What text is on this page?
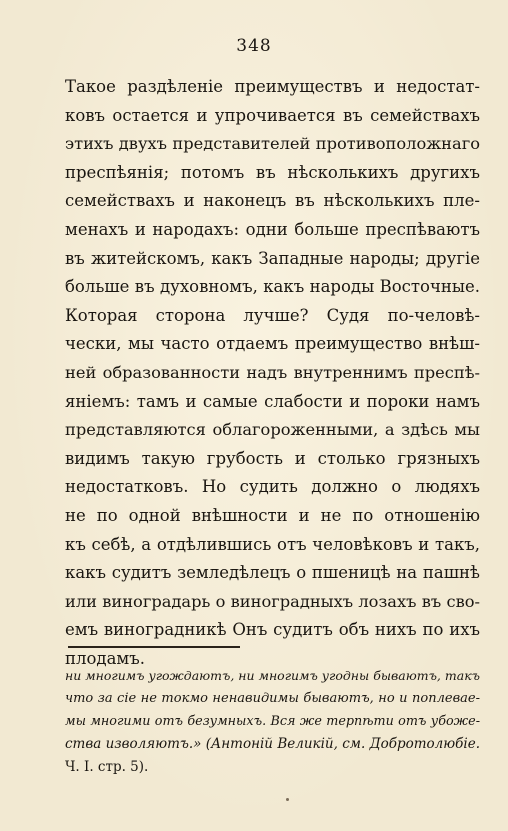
348
Такое раздѣленіе преимуществъ и недостат-
ковъ остается и упрочивается въ семействахъ
этихъ двухъ представителей противоположнаго
преспѣянія; потомъ въ нѣсколькихъ другихъ
семействахъ и наконецъ въ нѣсколькихъ пле-
менахъ и народахъ: одни больше преспѣваютъ
въ житейскомъ, какъ Западные народы; другіе
больше въ духовномъ, какъ народы Восточные.
Которая сторона лучше? Судя по-человѣ-
чески, мы часто отдаемъ преимущество внѣш-
ней образованности надъ внутреннимъ преспѣ-
яніемъ: тамъ и самые слабости и пороки намъ
представляются облагороженными, а здѣсь мы
видимъ такую грубость и столько грязныхъ
недостатковъ. Но судить должно о людяхъ
не по одной внѣшности и не по отношенію
къ себѣ, а отдѣлившись отъ человѣковъ и такъ,
какъ судитъ земледѣлецъ о пшеницѣ на пашнѣ
или виноградарь о виноградныхъ лозахъ въ сво-
емъ виноградникѣ Онъ судитъ объ нихъ по ихъ
плодамъ.
ни многимъ угождаютъ, ни многимъ угодны бываютъ, такъ
что за сіе не токмо ненавидимы бываютъ, но и поплевае-
мы многими отъ безумныхъ. Вся же терпѣти отъ убоже-
ства изволяютъ.» (Антоній Великій, см. Добротолюбіе.
Ч. I. стр. 5).
